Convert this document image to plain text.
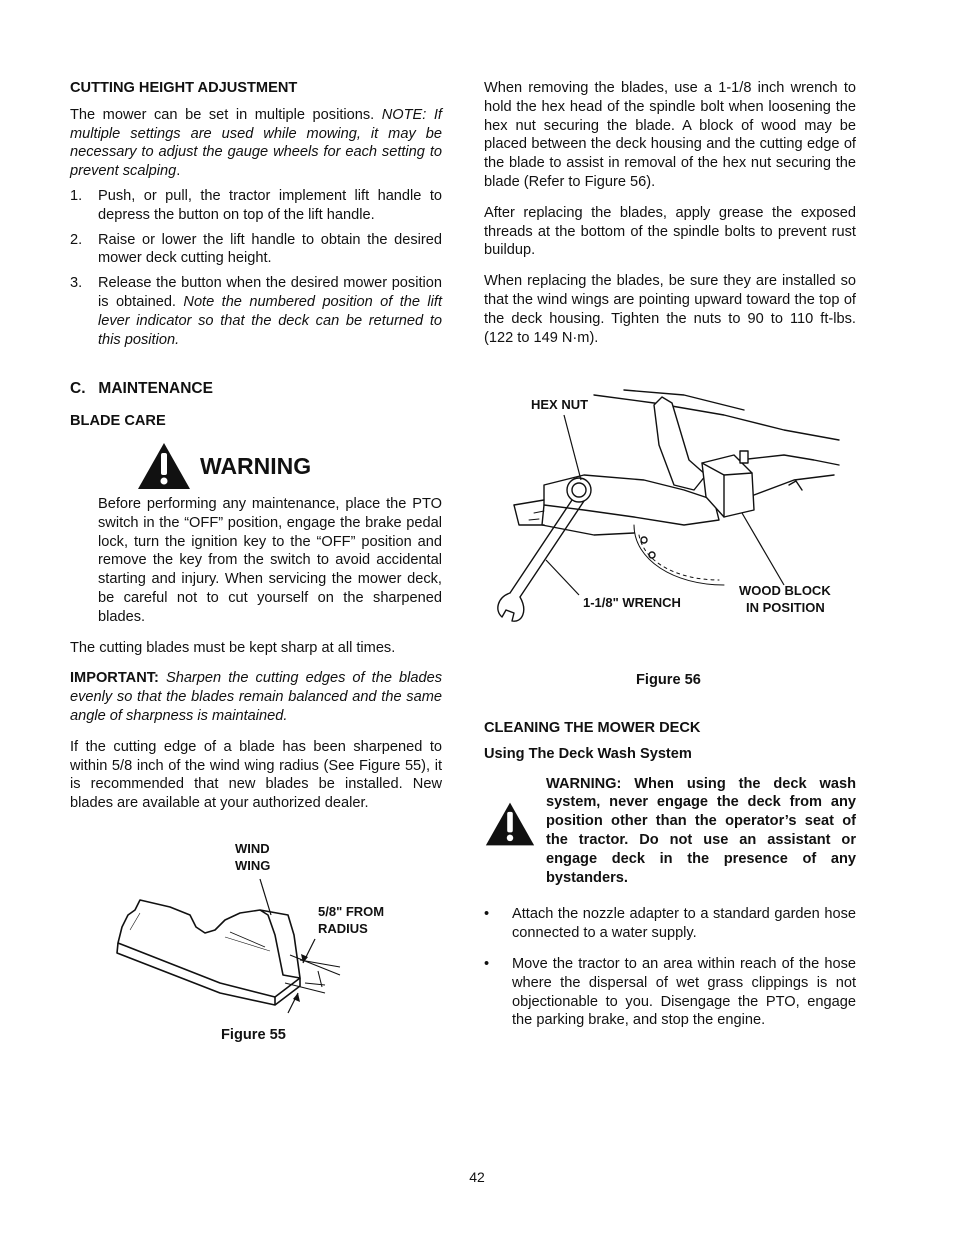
CUTTING HEIGHT ADJUSTMENT

The mower can be set in multiple positions. NOTE: If multiple settings are used while mowing, it may be necessary to adjust the gauge wheels for each setting to prevent scalping.

1. Push, or pull, the tractor implement lift handle to depress the button on top of the lift handle.
2. Raise or lower the lift handle to obtain the desired mower deck cutting height.
3. Release the button when the desired mower position is obtained. Note the numbered position of the lift lever indicator so that the deck can be returned to this position.
C.   MAINTENANCE
BLADE CARE
WARNING

Before performing any maintenance, place the PTO switch in the “OFF” position, engage the brake pedal lock, turn the ignition key to the “OFF” position and remove the key from the switch to avoid accidental starting and injury. When servicing the mower deck, be careful not to cut yourself on the sharpened blades.

The cutting blades must be kept sharp at all times.

IMPORTANT: Sharpen the cutting edges of the blades evenly so that the blades remain balanced and the same angle of sharpness is maintained.

If the cutting edge of a blade has been sharpened to within 5/8 inch of the wind wing radius (See Figure 55), it is recommended that new blades be installed. New blades are available at your authorized dealer.

WIND
WING
5/8" FROM
RADIUS
Figure 55

When removing the blades, use a 1-1/8 inch wrench to hold the hex head of the spindle bolt when loosening the hex nut securing the blade. A block of wood may be placed between the deck housing and the cutting edge of the blade to assist in removal of the hex nut securing the blade (Refer to Figure 56).

After replacing the blades, apply grease the exposed threads at the bottom of the spindle bolts to prevent rust buildup.

When replacing the blades, be sure they are installed so that the wind wings are pointing upward toward the top of the deck housing. Tighten the nuts to 90 to 110 ft-lbs. (122 to 149 N·m).

HEX NUT
1-1/8" WRENCH
WOOD BLOCK
IN POSITION
Figure 56
CLEANING THE MOWER DECK
Using The Deck Wash System

WARNING: When using the deck wash system, never engage the deck from any position other than the operator’s seat of the tractor. Do not use an assistant or engage deck in the presence of any bystanders.

• Attach the nozzle adapter to a standard garden hose connected to a water supply.
• Move the tractor to an area within reach of the hose where the dispersal of wet grass clippings is not objectionable to you. Disengage the PTO, engage the parking brake, and stop the engine.
42
